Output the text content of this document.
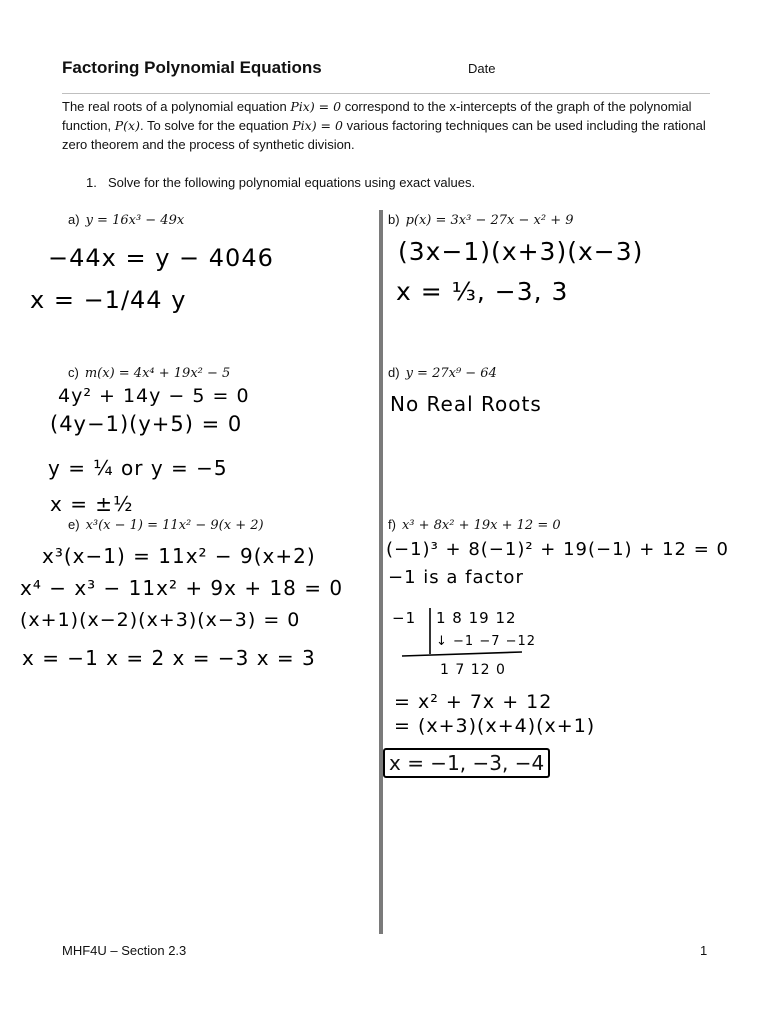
Factoring Polynomial Equations	Date

The real roots of a polynomial equation Pix) = 0 correspond to the x-intercepts of the graph of the polynomial function, P(x). To solve for the equation Pix) = 0 various factoring techniques can be used including the rational zero theorem and the process of synthetic division.

1. Solve for the following polynomial equations using exact values.
a) y = 16x³ − 49x
−44x = y − 4046
x = −1/44 y
b) p(x) = 3x³ − 27x − x² + 9
(3x−1)(x+3)(x−3)
x = ⅓, −3, 3
c) m(x) = 4x⁴ + 19x² − 5
4y² + 14y − 5 = 0
(4y−1)(y+5) = 0
y = ¼ or y = −5
x = ±½
d) y = 27x⁹ − 64
No Real Roots
e) x³(x − 1) = 11x² − 9(x + 2)
x³(x−1) = 11x² − 9(x+2)
x⁴ − x³ − 11x² + 9x + 18 = 0
(x+1)(x−2)(x+3)(x−3) = 0
x = −1 x = 2 x = −3 x = 3
f) x³ + 8x² + 19x + 12 = 0
(−1)³ + 8(−1)² + 19(−1) + 12 = 0
−1 is a factor
−1 1 8 19 12
↓ −1 −7 −12
1 7 12 0
= x² + 7x + 12
= (x+3)(x+4)(x+1)
x = −1, −3, −4
MHF4U – Section 2.3	1
